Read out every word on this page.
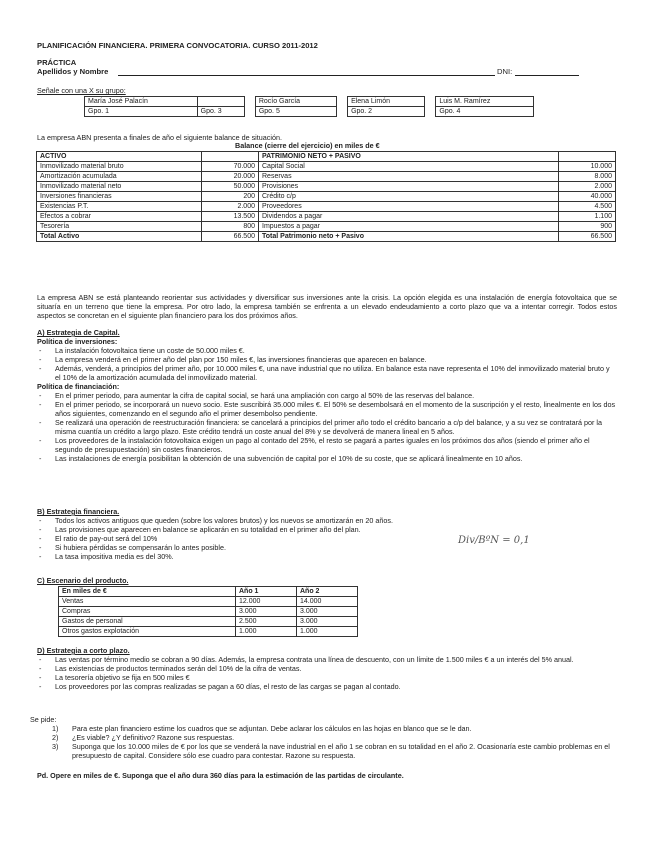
PLANIFICACIÓN FINANCIERA. PRIMERA CONVOCATORIA. CURSO 2011-2012
PRÁCTICA
Apellidos y Nombre	DNI:
Señale con una X su grupo:
María José Palacín			Rocío García		Elena Limón		Luis M. Ramírez
Gpo. 1	Gpo. 3		Gpo. 5		Gpo. 2		Gpo. 4
La empresa ABN presenta a finales de año el siguiente balance de situación.
Balance (cierre del ejercicio) en miles de €
ACTIVO		PATRIMONIO NETO + PASIVO	
Inmovilizado material bruto	70.000	Capital Social	10.000
Amortización acumulada	20.000	Reservas	8.000
Inmovilizado material neto	50.000	Provisiones	2.000
Inversiones financieras	200	Crédito c/p	40.000
Existencias P.T.	2.000	Proveedores	4.500
Efectos a cobrar	13.500	Dividendos a pagar	1.100
Tesorería	800	Impuestos a pagar	900
Total Activo	66.500	Total Patrimonio neto + Pasivo	66.500

La empresa ABN se está planteando reorientar sus actividades y diversificar sus inversiones ante la crisis. La opción elegida es una instalación de energía fotovoltaica que se situaría en un terreno que tiene la empresa. Por otro lado, la empresa también se enfrenta a un elevado endeudamiento a corto plazo que va a intentar corregir. Todos estos aspectos se concretan en el siguiente plan financiero para los dos próximos años.

A) Estrategia de Capital.
Política de inversiones:
- La instalación fotovoltaica tiene un coste de 50.000 miles €.
- La empresa venderá en el primer año del plan por 150 miles €, las inversiones financieras que aparecen en balance.
- Además, venderá, a principios del primer año, por 10.000 miles €, una nave industrial que no utiliza. En balance esta nave representa el 10% del inmovilizado material bruto y el 10% de la amortización acumulada del inmovilizado material.
Política de financiación:
- En el primer periodo, para aumentar la cifra de capital social, se hará una ampliación con cargo al 50% de las reservas del balance.
- En el primer periodo, se incorporará un nuevo socio. Este suscribirá 35.000 miles €. El 50% se desembolsará en el momento de la suscripción y el resto, linealmente en los dos años siguientes, comenzando en el segundo año el primer desembolso pendiente.
- Se realizará una operación de reestructuración financiera: se cancelará a principios del primer año todo el crédito bancario a c/p del balance, y a su vez se contratará por la misma cuantía un crédito a largo plazo. Este crédito tendrá un coste anual del 8% y se devolverá de manera lineal en 5 años.
- Los proveedores de la instalación fotovoltaica exigen un pago al contado del 25%, el resto se pagará a partes iguales en los próximos dos años (siendo el primer año el segundo de presupuestación) sin costes financieros.
- Las instalaciones de energía posibilitan la obtención de una subvención de capital por el 10% de su coste, que se aplicará linealmente en 10 años.
B) Estrategia financiera.
- Todos los activos antiguos que queden (sobre los valores brutos) y los nuevos se amortizarán en 20 años.
- Las provisiones que aparecen en balance se aplicarán en su totalidad en el primer año del plan.
- El ratio de pay-out será del 10%
- Si hubiera pérdidas se compensarán lo antes posible.
- La tasa impositiva media es del 30%.
Div/BºN = 0,1
C) Escenario del producto.
En miles de €	Año 1	Año 2
Ventas	12.000	14.000
Compras	3.000	3.000
Gastos de personal	2.500	3.000
Otros gastos explotación	1.000	1.000
D) Estrategia a corto plazo.
- Las ventas por término medio se cobran a 90 días. Además, la empresa contrata una línea de descuento, con un límite de 1.500 miles € a un interés del 5% anual.
- Las existencias de productos terminados serán del 10% de la cifra de ventas.
- La tesorería objetivo se fija en 500 miles €
- Los proveedores por las compras realizadas se pagan a 60 días, el resto de las cargas se pagan al contado.
Se pide:
1) Para este plan financiero estime los cuadros que se adjuntan. Debe aclarar los cálculos en las hojas en blanco que se le dan.
2) ¿Es viable? ¿Y definitivo? Razone sus respuestas.
3) Suponga que los 10.000 miles de € por los que se venderá la nave industrial en el año 1 se cobran en su totalidad en el año 2. Ocasionaría este cambio problemas en el presupuesto de capital. Considere sólo ese cuadro para contestar. Razone su respuesta.

Pd. Opere en miles de €. Suponga que el año dura 360 días para la estimación de las partidas de circulante.
